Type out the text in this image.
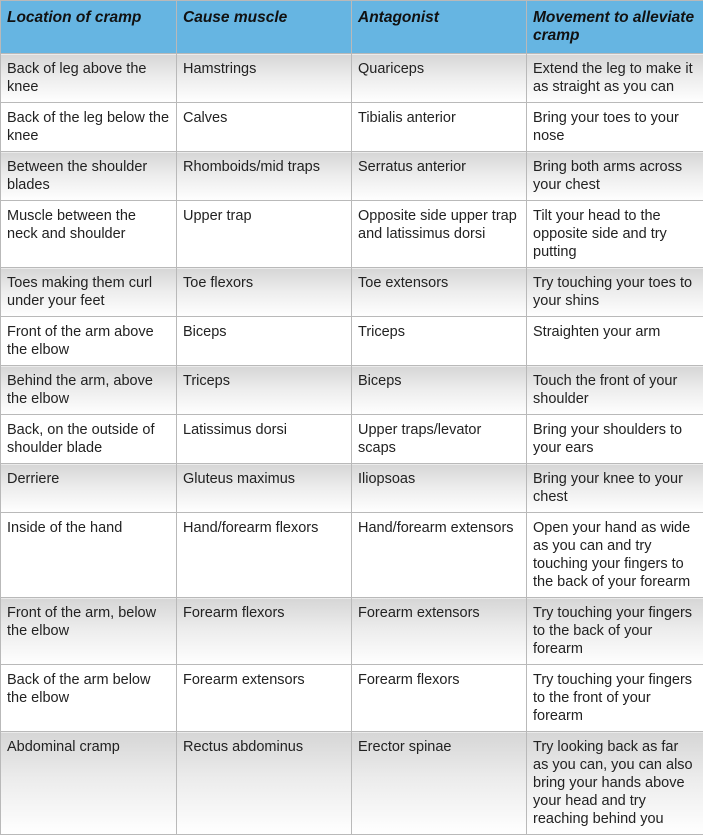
Location of cramp	Cause muscle	Antagonist	Movement to alleviate cramp
Back of leg above the knee	Hamstrings	Quariceps	Extend the leg to make it as straight as you can
Back of the leg below the knee	Calves	Tibialis anterior	Bring your toes to your nose
Between the shoulder blades	Rhomboids/mid traps	Serratus anterior	Bring both arms across your chest
Muscle between the neck and shoulder	Upper trap	Opposite side upper trap and latissimus dorsi	Tilt your head to the opposite side and try putting
Toes making them curl under your feet	Toe flexors	Toe extensors	Try touching your toes to your shins
Front of the arm above the elbow	Biceps	Triceps	Straighten your arm
Behind the arm, above the elbow	Triceps	Biceps	Touch the front of your shoulder
Back, on the outside of shoulder blade	Latissimus dorsi	Upper traps/levator scaps	Bring your shoulders to your ears
Derriere	Gluteus maximus	Iliopsoas	Bring your knee to your chest
Inside of the hand	Hand/forearm flexors	Hand/forearm extensors	Open your hand as wide as you can and try touching your fingers to the back of your forearm
Front of the arm, below the elbow	Forearm flexors	Forearm extensors	Try touching your fingers to the back of your forearm
Back of the arm below the elbow	Forearm extensors	Forearm flexors	Try touching your fingers to the front of your forearm
Abdominal cramp	Rectus abdominus	Erector spinae	Try looking back as far as you can, you can also bring your hands above your head and try reaching behind you
